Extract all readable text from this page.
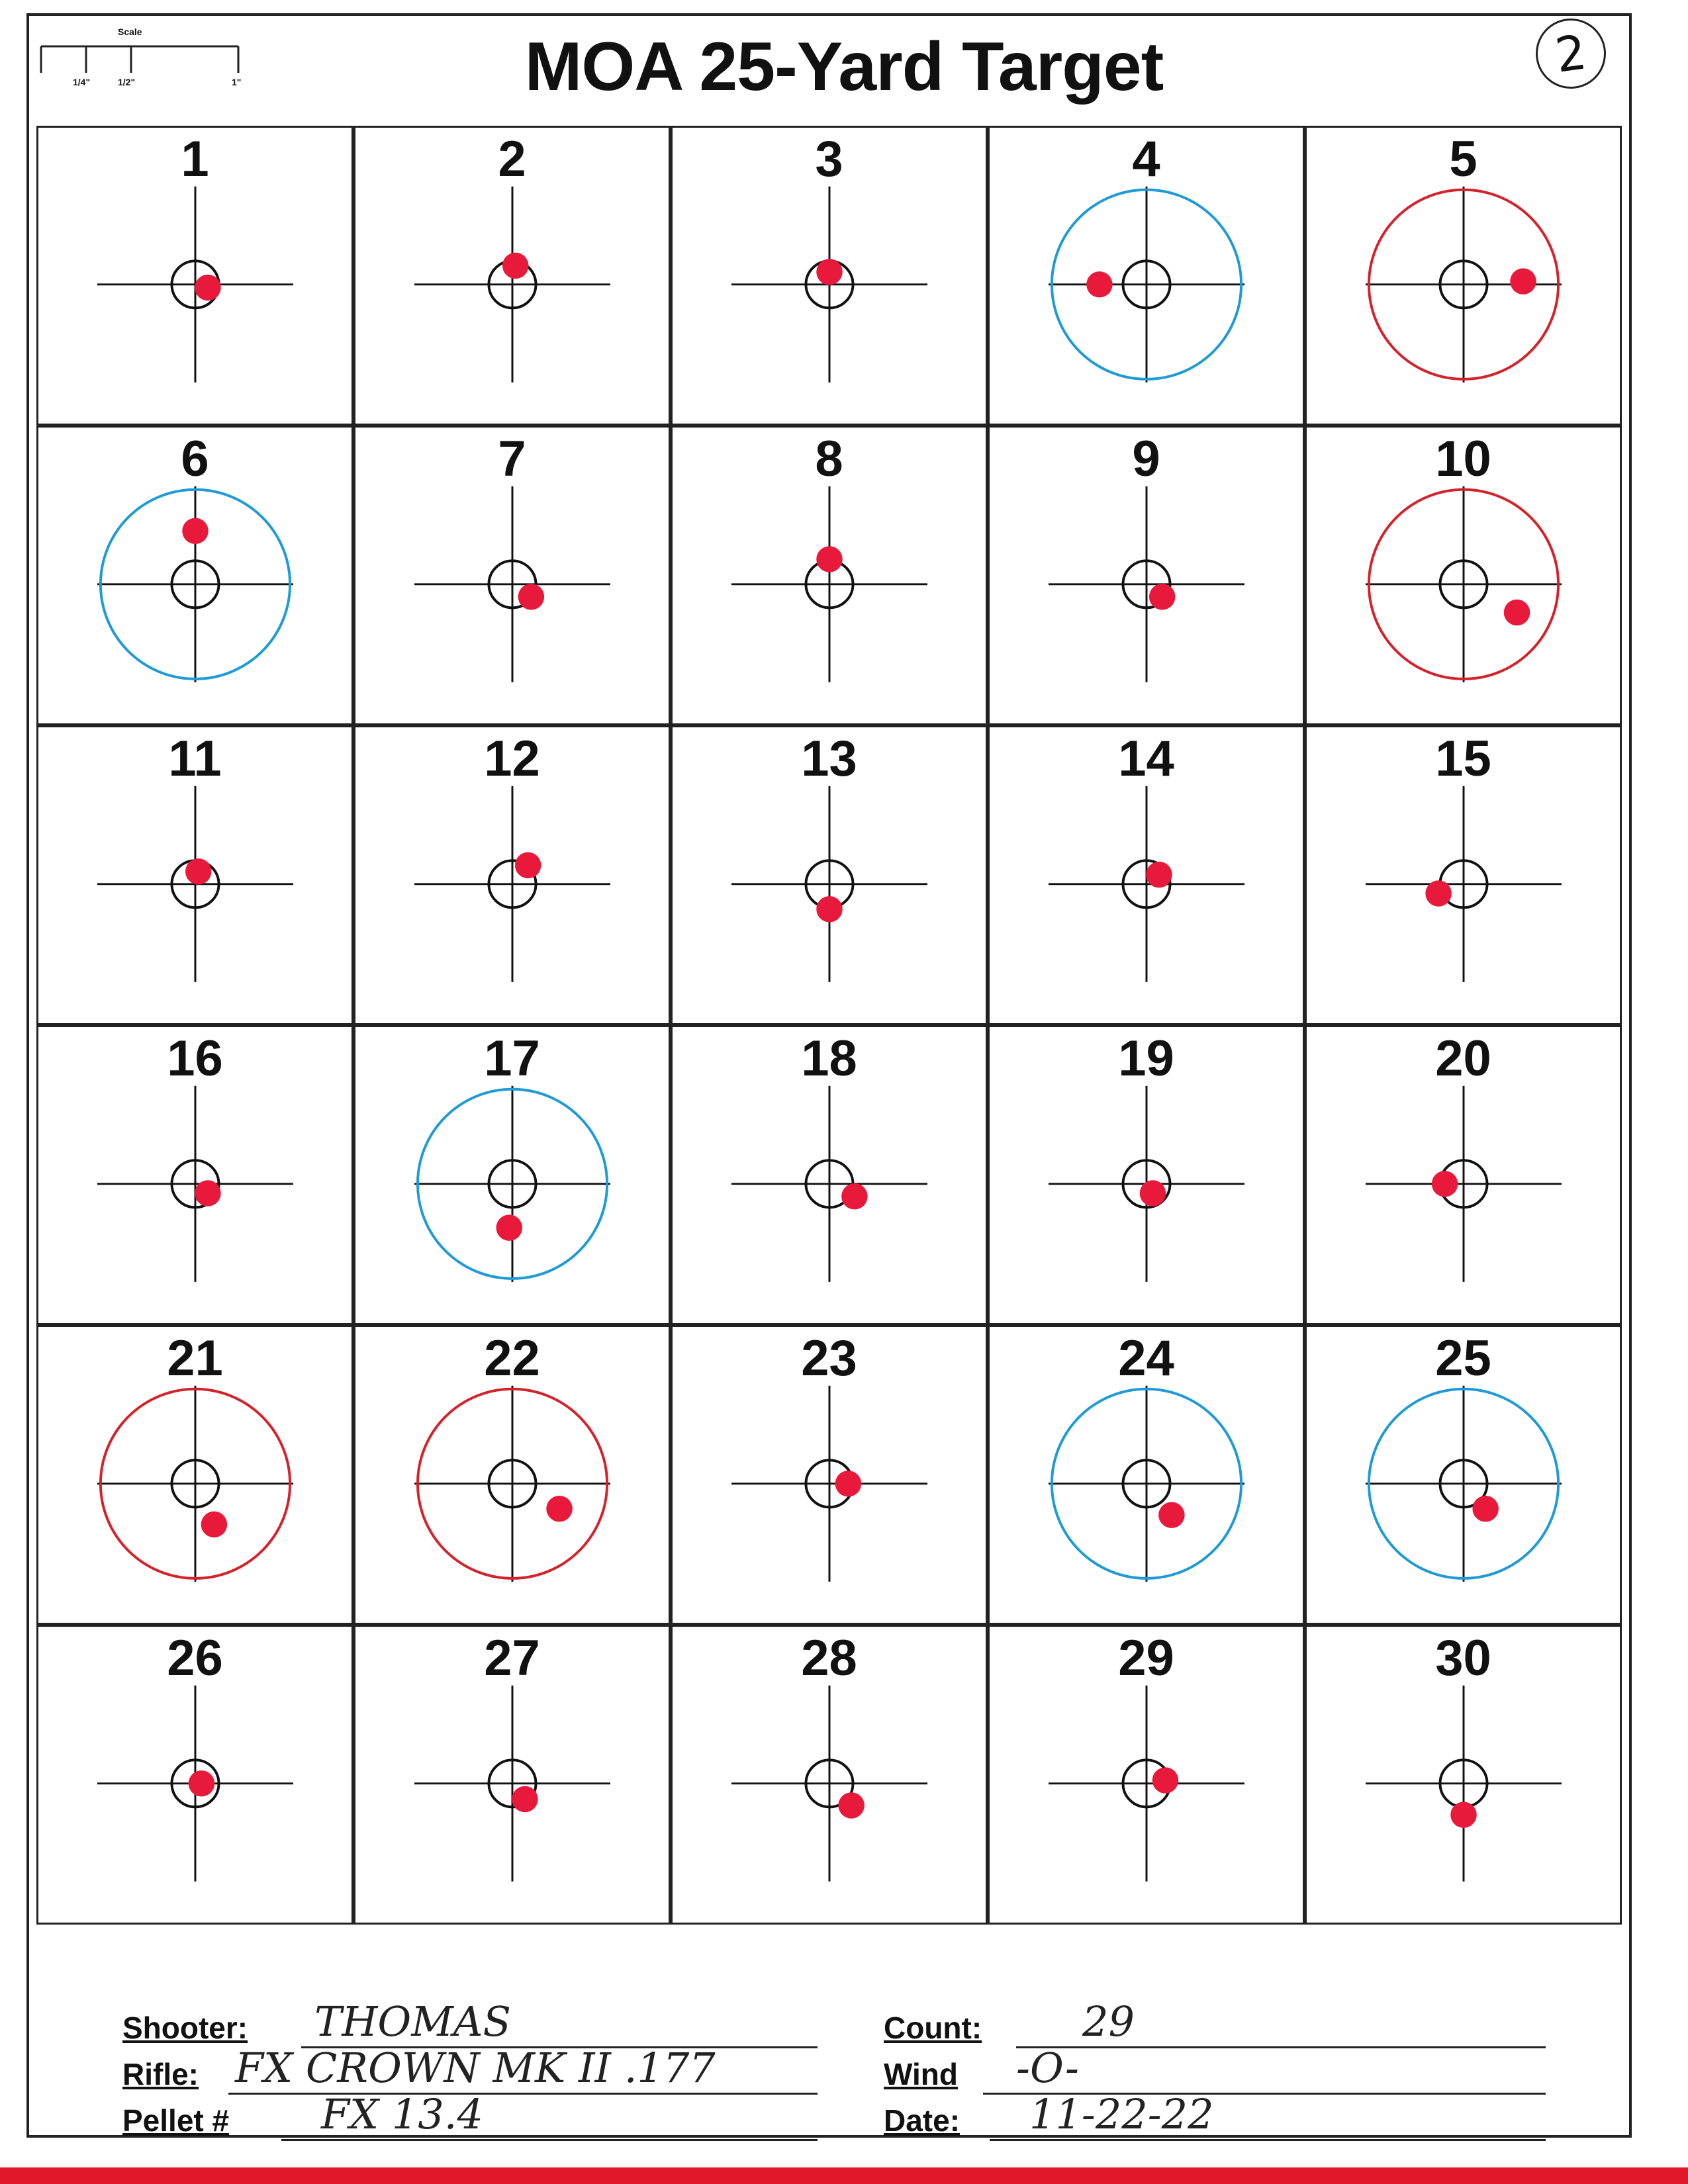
Scale
1/4"	1/2"	1"	MOA 25-Yard Target	2
1	2	3	4	5
6	7	8	9	10
11	12	13	14	15
16	17	18	19	20
21	22	23	24	25
26	27	28	29	30
Shooter: THOMAS
Rifle: FX CROWN MK II .177
Pellet # FX 13.4
Count: 29
Wind -O-
Date: 11-22-22
